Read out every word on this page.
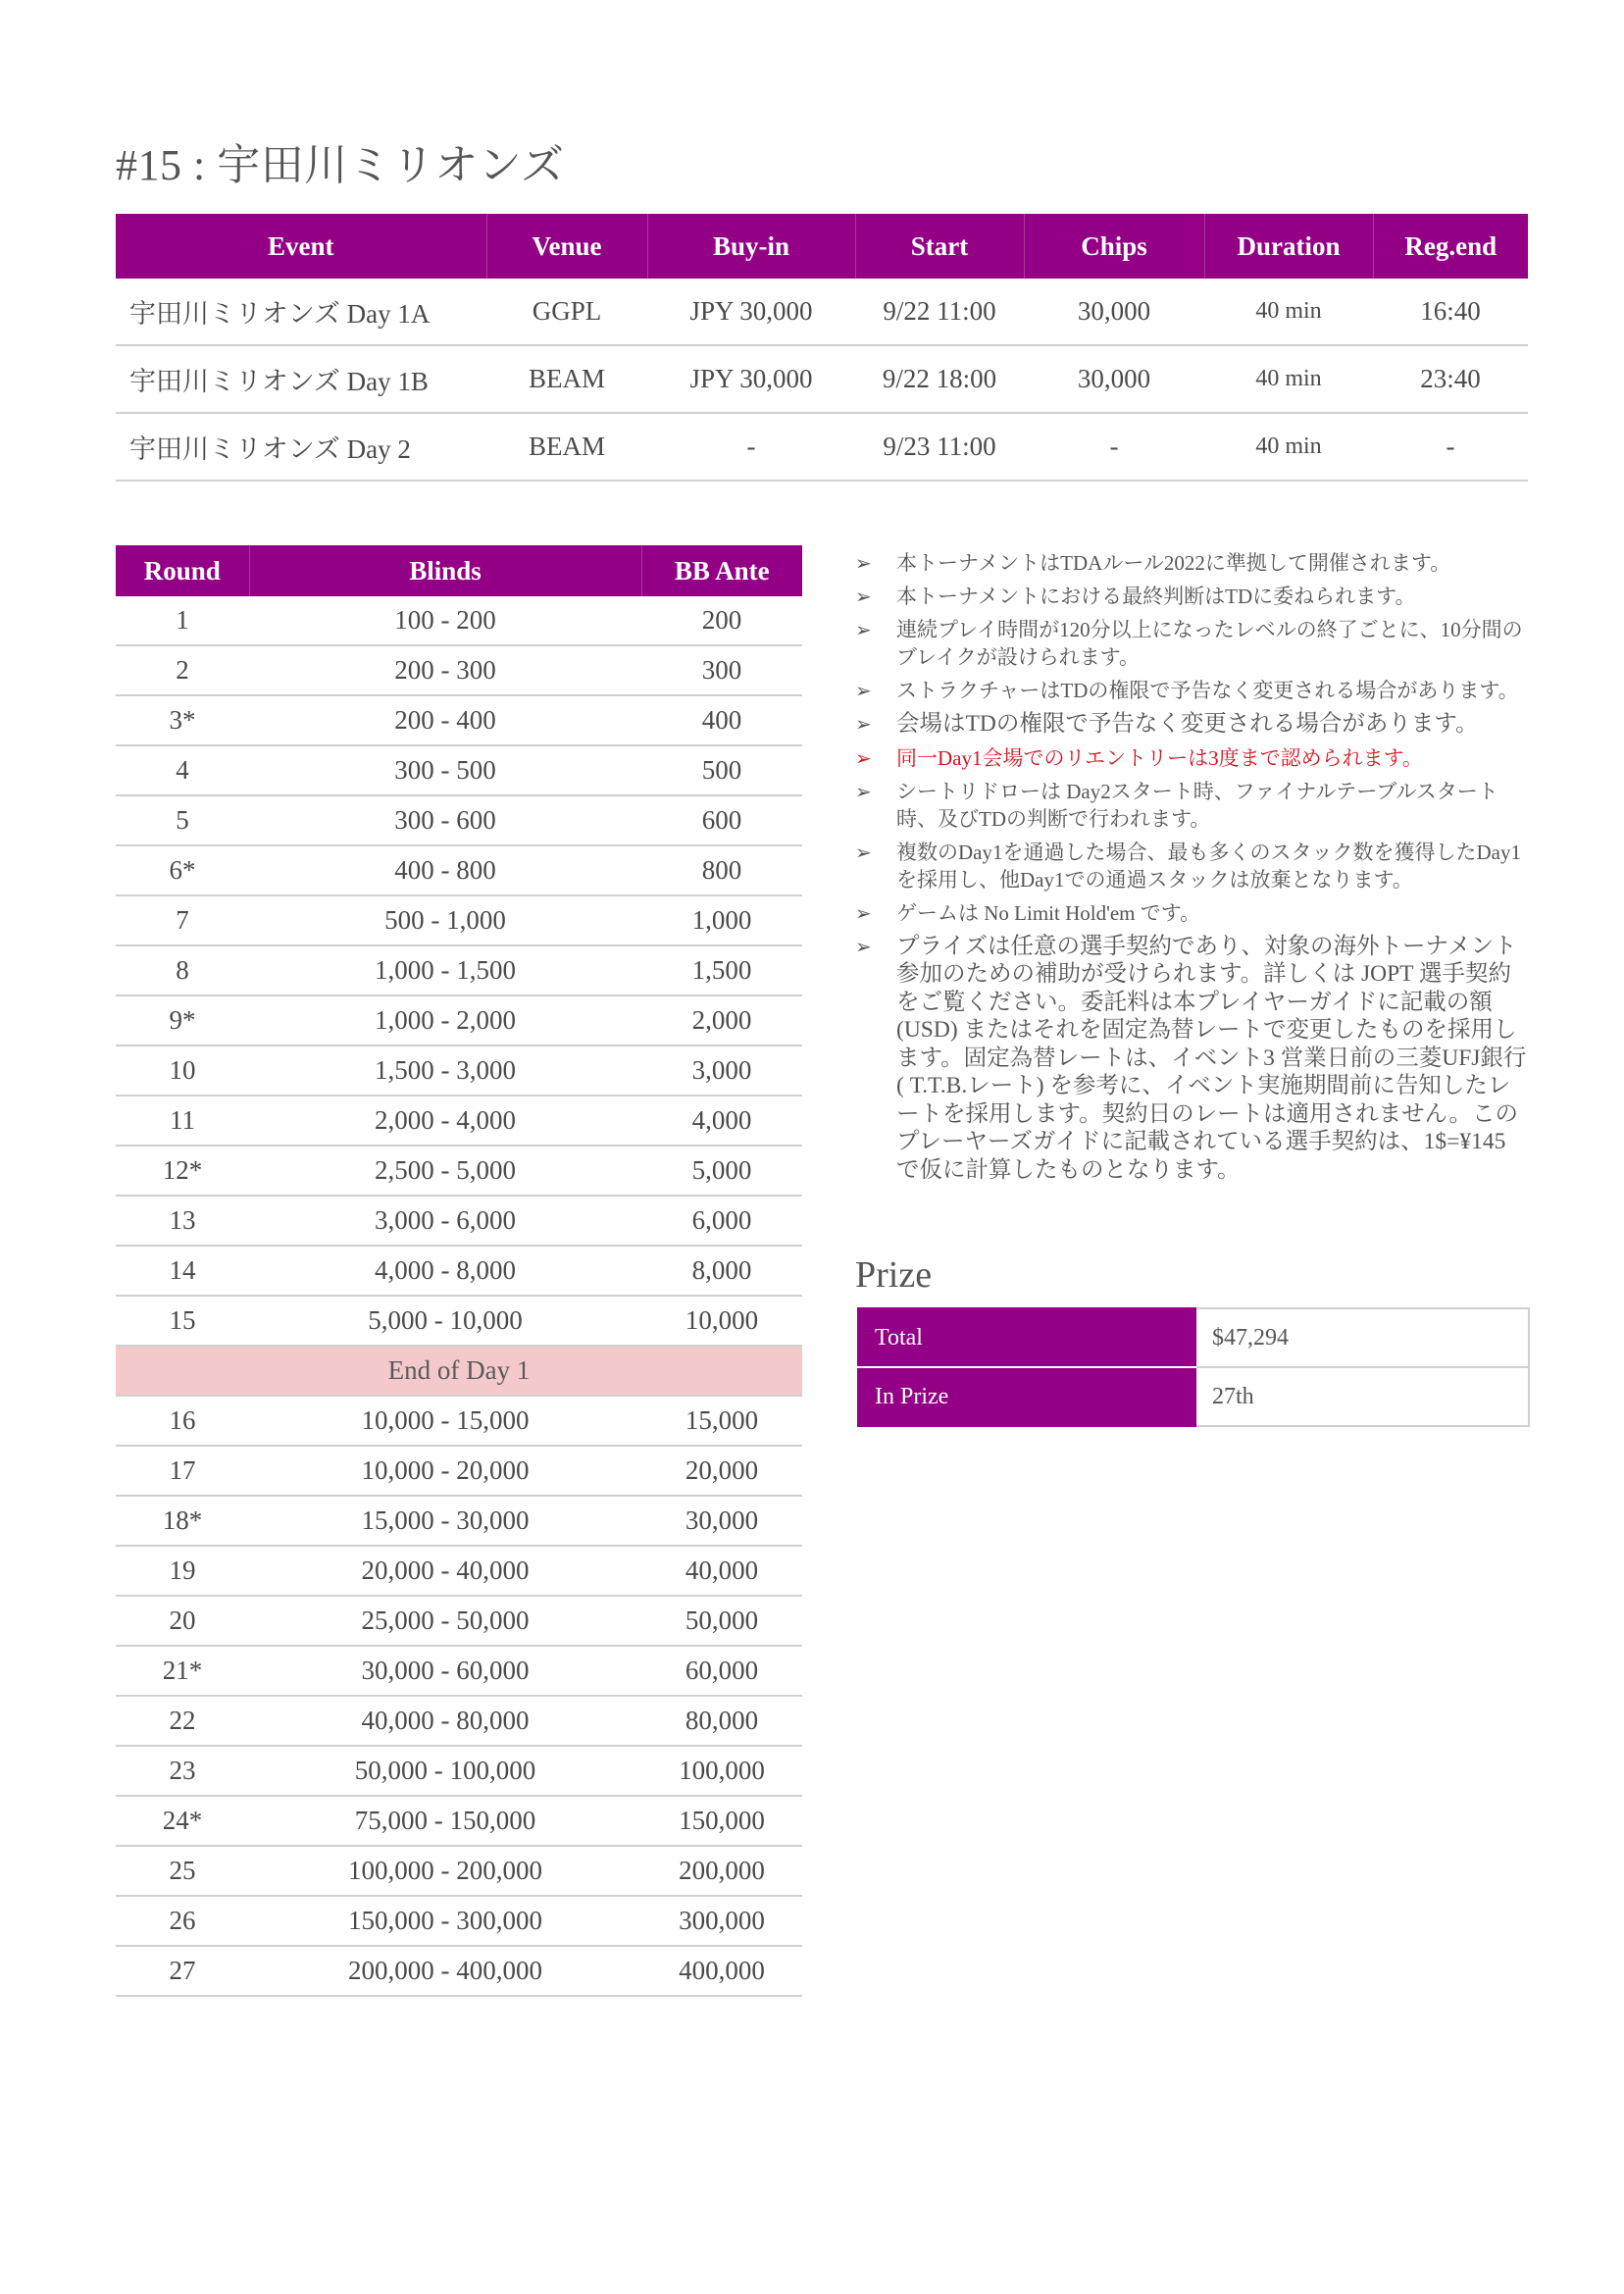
#15 : 宇田川ミリオンズ
Event	Venue	Buy-in	Start	Chips	Duration	Reg.end
宇田川ミリオンズ Day 1A	GGPL	JPY 30,000	9/22 11:00	30,000	40 min	16:40
宇田川ミリオンズ Day 1B	BEAM	JPY 30,000	9/22 18:00	30,000	40 min	23:40
宇田川ミリオンズ Day 2	BEAM	-	9/23 11:00	-	40 min	-
Round	Blinds	BB Ante
1	100 - 200	200
2	200 - 300	300
3*	200 - 400	400
4	300 - 500	500
5	300 - 600	600
6*	400 - 800	800
7	500 - 1,000	1,000
8	1,000 - 1,500	1,500
9*	1,000 - 2,000	2,000
10	1,500 - 3,000	3,000
11	2,000 - 4,000	4,000
12*	2,500 - 5,000	5,000
13	3,000 - 6,000	6,000
14	4,000 - 8,000	8,000
15	5,000 - 10,000	10,000
End of Day 1		
16	10,000 - 15,000	15,000
17	10,000 - 20,000	20,000
18*	15,000 - 30,000	30,000
19	20,000 - 40,000	40,000
20	25,000 - 50,000	50,000
21*	30,000 - 60,000	60,000
22	40,000 - 80,000	80,000
23	50,000 - 100,000	100,000
24*	75,000 - 150,000	150,000
25	100,000 - 200,000	200,000
26	150,000 - 300,000	300,000
27	200,000 - 400,000	400,000
➢ 本トーナメントはTDAルール2022に準拠して開催されます。
➢ 本トーナメントにおける最終判断はTDに委ねられます。
➢ 連続プレイ時間が120分以上になったレベルの終了ごとに、10分間のブレイクが設けられます。
➢ ストラクチャーはTDの権限で予告なく変更される場合があります。
➢ 会場はTDの権限で予告なく変更される場合があります。
➢ 同一Day1会場でのリエントリーは3度まで認められます。
➢ シートリドローは Day2スタート時、ファイナルテーブルスタート時、及びTDの判断で行われます。
➢ 複数のDay1を通過した場合、最も多くのスタック数を獲得したDay1を採用し、他Day1での通過スタックは放棄となります。
➢ ゲームは No Limit Hold'em です。
➢ プライズは任意の選手契約であり、対象の海外トーナメント参加のための補助が受けられます。詳しくは JOPT 選手契約をご覧ください。委託料は本プレイヤーガイドに記載の額 (USD) またはそれを固定為替レートで変更したものを採用します。固定為替レートは、イベント3 営業日前の三菱UFJ銀行 ( T.T.B.レート) を参考に、イベント実施期間前に告知したレートを採用します。契約日のレートは適用されません。このプレーヤーズガイドに記載されている選手契約は、1$=¥145 で仮に計算したものとなります。
Prize
Total	$47,294
In Prize	27th
